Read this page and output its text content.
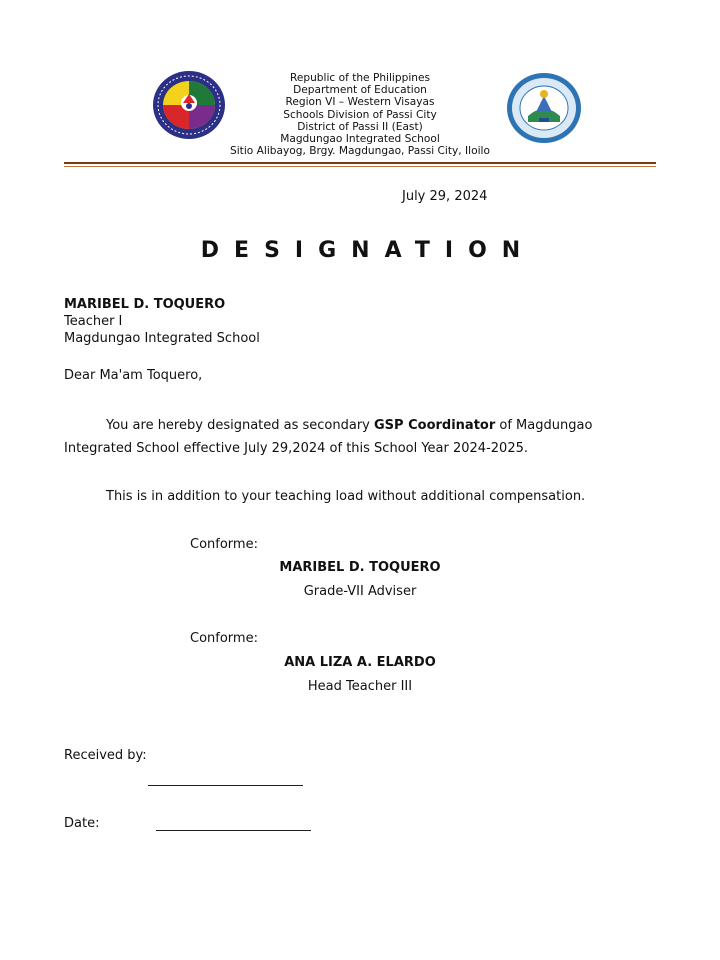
Republic of the Philippines
Department of Education
Region VI – Western Visayas
Schools Division of Passi City
District of Passi II (East)
Magdungao Integrated School
Sitio Alibayog, Brgy. Magdungao, Passi City, Iloilo
July 29, 2024
DESIGNATION
MARIBEL D. TOQUERO
Teacher I
Magdungao Integrated School
Dear Ma'am Toquero,
You are hereby designated as secondary GSP Coordinator of Magdungao Integrated School effective July 29,2024 of this School Year 2024-2025.
This is in addition to your teaching load without additional compensation.
Conforme:
MARIBEL D. TOQUERO
Grade-VII Adviser
Conforme:
ANA LIZA A. ELARDO
Head Teacher III
Received by:
Date:
